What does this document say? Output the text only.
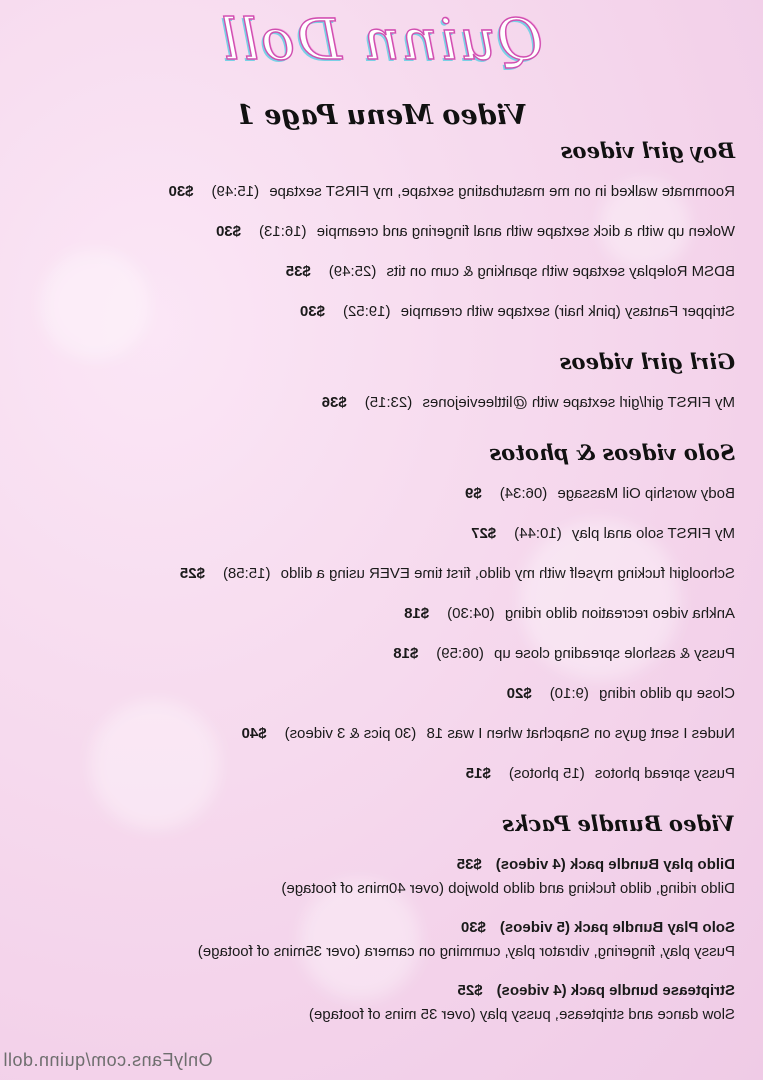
Quinn Doll
Video Menu Page 1
Boy girl videos
Roommate walked in on me masturbating sextape, my FIRST sextape (15:49)$30
Woken up with a dick sextape with anal fingering and creampie (16:13)$30
BDSM Roleplay sextape with spanking & cum on tits (25:49)$35
Stripper Fantasy (pink hair) sextape with creampie (19:52)$30
Girl girl videos
My FIRST girl/girl sextape with @littleeviejones (23:15)$36
Solo videos & photos
Body worship Oil Massage (06:34)$9
My FIRST solo anal play (10:44)$27
Schoolgirl fucking myself with my dildo, first time EVER using a dildo (15:58)$25
Ankha video recreation dildo riding (04:30)$18
Pussy & asshole spreading close up (06:59)$18
Close up dildo riding (9:10)$20
Nudes I sent guys on Snapchat when I was 18 (30 pics & 3 videos)$40
Pussy spread photos (15 photos)$15
Video Bundle Packs
Dildo play Bundle pack (4 videos)$35
Dildo riding, dildo fucking and dildo blowjob (over 40mins of footage)
Solo Play Bundle pack (5 videos)$30
Pussy play, fingering, vibrator play, cumming on camera (over 35mins of footage)
Striptease bundle pack (4 videos)$25
Slow dance and striptease, pussy play (over 35 mins of footage)
OnlyFans.com/quinn.doll
